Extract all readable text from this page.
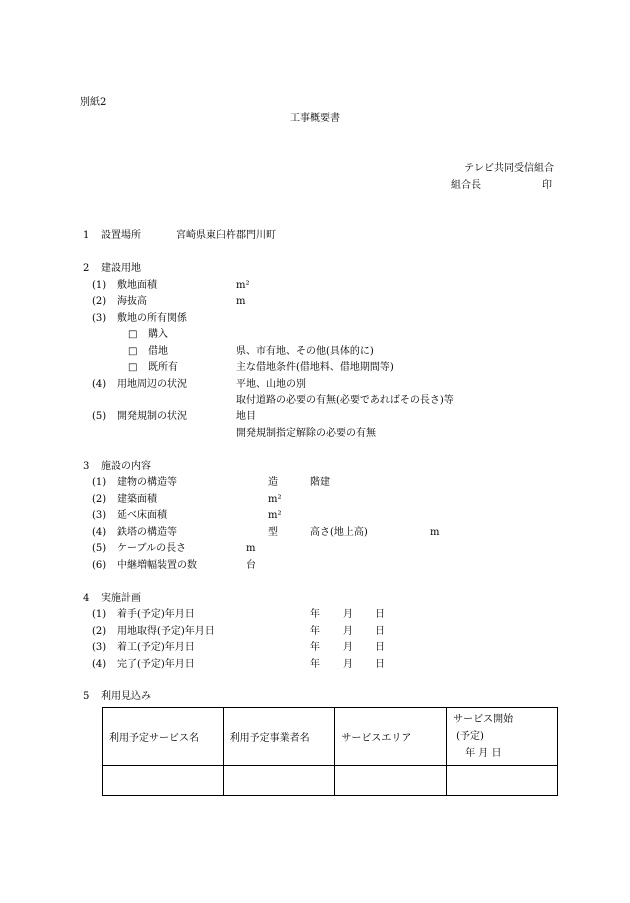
別紙2
工事概要書
テレビ共同受信組合
組合長	印
1 設置場所	宮崎県東臼杵郡門川町
2 建設用地
(1) 敷地面積	m²
(2) 海抜高	m
(3) 敷地の所有関係
□ 購入
□ 借地	県、市有地、その他(具体的に)
□ 既所有	主な借地条件(借地料、借地期間等)
(4) 用地周辺の状況	平地、山地の別
取付道路の必要の有無(必要であればその長さ)等
(5) 開発規制の状況	地目
開発規制指定解除の必要の有無
3 施設の内容
(1) 建物の構造等	造	階建
(2) 建築面積	m²
(3) 延べ床面積	m²
(4) 鉄塔の構造等	型	高さ(地上高)	m
(5) ケーブルの長さ	m
(6) 中継増幅装置の数	台
4 実施計画
(1) 着手(予定)年月日	年 月 日
(2) 用地取得(予定)年月日	年 月 日
(3) 着工(予定)年月日	年 月 日
(4) 完了(予定)年月日	年 月 日
5 利用見込み
利用予定サービス名	利用予定事業者名	サービスエリア	サービス開始
(予定)
年 月 日
